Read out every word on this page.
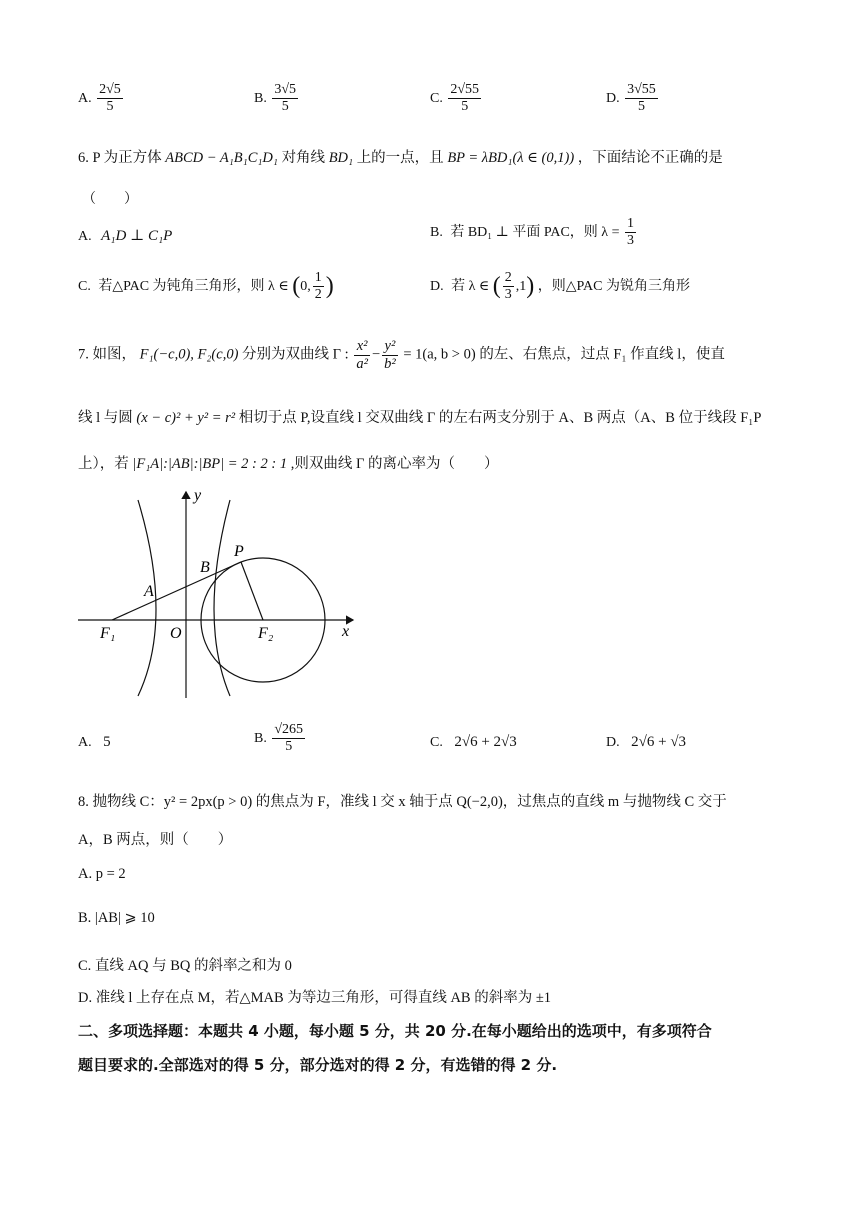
A. $\frac{2√5}{5}$	B. $\frac{3√5}{5}$	C. $\frac{2√55}{5}$	D. $\frac{3√55}{5}$
6. P 为正方体 ABCD − A₁B₁C₁D₁ 对角线 BD₁ 上的一点，且 BP = λBD₁(λ ∈ (0,1)) ，下面结论不正确的是
（　　）
A. A₁D ⊥ C₁P	B. 若 BD₁ ⊥ 平面 PAC，则 $\lambda = \frac{1}{3}$
C. 若△PAC 为钝角三角形，则 λ ∈ (0, $\frac{1}{2}$ )	D. 若 λ ∈ ( $\frac{2}{3} ,1$) ，则△PAC 为锐角三角形
7. 如图， F₁(−c,0), F₂(c,0) 分别为双曲线 Γ : $\frac{\text{x²}}{\text{a²}} - \frac{\text{y²}}{\text{b²}} = 1(a$, b > 0) 的左、右焦点，过点 F₁ 作直线 l，使直
线 l 与圆 (x − c)² + y² = r² 相切于点 P,设直线 l 交双曲线 Γ 的左右两支分别于 A、B 两点（A、B 位于线段 F₁P
上），若 |F₁A|:|AB|:|BP| = 2 : 2 : 1 ,则双曲线 Γ 的离心率为（　　）
y
x
O
F₁	F₂
A
B
P
A. 5	B. $\frac{√265}{5}$	C. 2√6 + 2√3	D. 2√6 + √3
8. 抛物线 C：y² = 2px(p > 0) 的焦点为 F，准线 l 交 x 轴于点 Q(−2,0)，过焦点的直线 m 与抛物线 C 交于
A，B 两点，则（　　）
A. p = 2
B. |AB| ⩾ 10
C. 直线 AQ 与 BQ 的斜率之和为 0
D. 准线 l 上存在点 M，若△MAB 为等边三角形，可得直线 AB 的斜率为 ±1
二、多项选择题：本题共 4 小题，每小题 5 分，共 20 分.在每小题给出的选项中，有多项符合
题目要求的.全部选对的得 5 分，部分选对的得 2 分，有选错的得 2 分.
